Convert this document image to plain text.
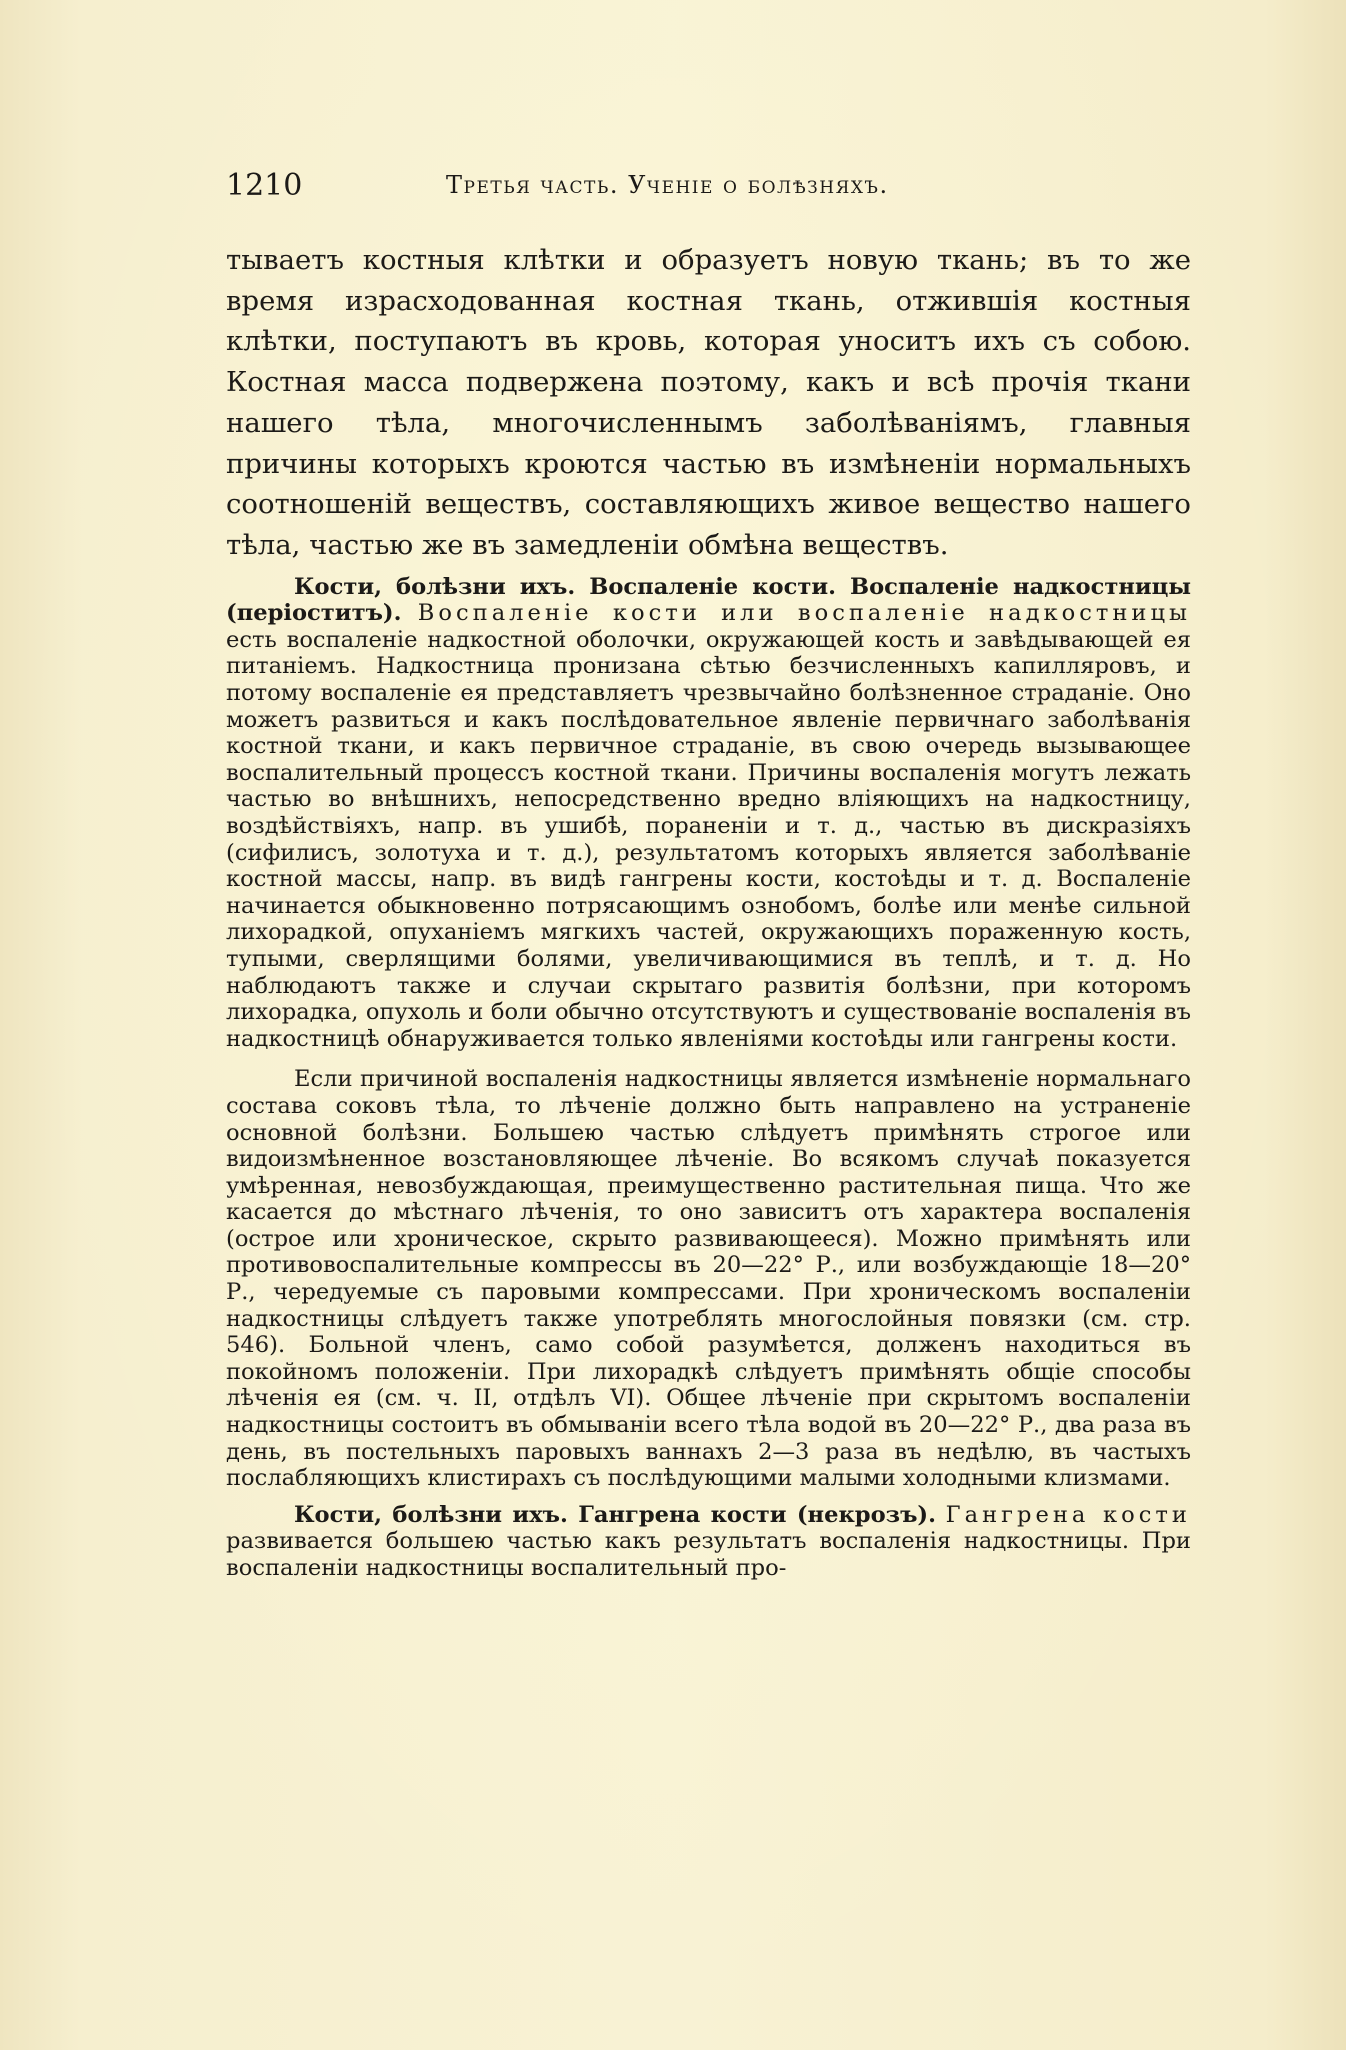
1210	Третья часть. Ученіе о болѣзняхъ.

тываетъ костныя клѣтки и образуетъ новую ткань; въ то же время израсходованная костная ткань, отжившія костныя клѣтки, поступаютъ въ кровь, которая уноситъ ихъ съ собою. Костная масса подвержена поэтому, какъ и всѣ прочія ткани нашего тѣла, многочисленнымъ заболѣваніямъ, главныя причины которыхъ кроются частью въ измѣненіи нормальныхъ соотношеній веществъ, составляющихъ живое вещество нашего тѣла, частью же въ замедленіи обмѣна веществъ.

Кости, болѣзни ихъ. Воспаленіе кости. Воспаленіе надкостницы (періоститъ). Воспаленіе кости или воспаленіе надкостницы есть воспаленіе надкостной оболочки, окружающей кость и завѣдывающей ея питаніемъ. Надкостница пронизана сѣтью безчисленныхъ капилляровъ, и потому воспаленіе ея представляетъ чрезвычайно болѣзненное страданіе. Оно можетъ развиться и какъ послѣдовательное явленіе первичнаго заболѣванія костной ткани, и какъ первичное страданіе, въ свою очередь вызывающее воспалительный процессъ костной ткани. Причины воспаленія могутъ лежать частью во внѣшнихъ, непосредственно вредно вліяющихъ на надкостницу, воздѣйствіяхъ, напр. въ ушибѣ, пораненіи и т. д., частью въ дискразіяхъ (сифилисъ, золотуха и т. д.), результатомъ которыхъ является заболѣваніе костной массы, напр. въ видѣ гангрены кости, костоѣды и т. д. Воспаленіе начинается обыкновенно потрясающимъ ознобомъ, болѣе или менѣе сильной лихорадкой, опуханіемъ мягкихъ частей, окружающихъ пораженную кость, тупыми, сверлящими болями, увеличивающимися въ теплѣ, и т. д. Но наблюдаютъ также и случаи скрытаго развитія болѣзни, при которомъ лихорадка, опухоль и боли обычно отсутствуютъ и существованіе воспаленія въ надкостницѣ обнаруживается только явленіями костоѣды или гангрены кости.

Если причиной воспаленія надкостницы является измѣненіе нормальнаго состава соковъ тѣла, то лѣченіе должно быть направлено на устраненіе основной болѣзни. Большею частью слѣдуетъ примѣнять строгое или видоизмѣненное возстановляющее лѣченіе. Во всякомъ случаѣ показуется умѣренная, невозбуждающая, преимущественно растительная пища. Что же касается до мѣстнаго лѣченія, то оно зависитъ отъ характера воспаленія (острое или хроническое, скрыто развивающееся). Можно примѣнять или противовоспалительные компрессы въ 20—22° Р., или возбуждающіе 18—20° Р., чередуемые съ паровыми компрессами. При хроническомъ воспаленіи надкостницы слѣдуетъ также употреблять многослойныя повязки (см. стр. 546). Больной членъ, само собой разумѣется, долженъ находиться въ покойномъ положеніи. При лихорадкѣ слѣдуетъ примѣнять общіе способы лѣченія ея (см. ч. II, отдѣлъ VI). Общее лѣченіе при скрытомъ воспаленіи надкостницы состоитъ въ обмываніи всего тѣла водой въ 20—22° Р., два раза въ день, въ постельныхъ паровыхъ ваннахъ 2—3 раза въ недѣлю, въ частыхъ послабляющихъ клистирахъ съ послѣдующими малыми холодными клизмами.

Кости, болѣзни ихъ. Гангрена кости (некрозъ). Гангрена кости развивается большею частью какъ результатъ воспаленія надкостницы. При воспаленіи надкостницы воспалительный про-
